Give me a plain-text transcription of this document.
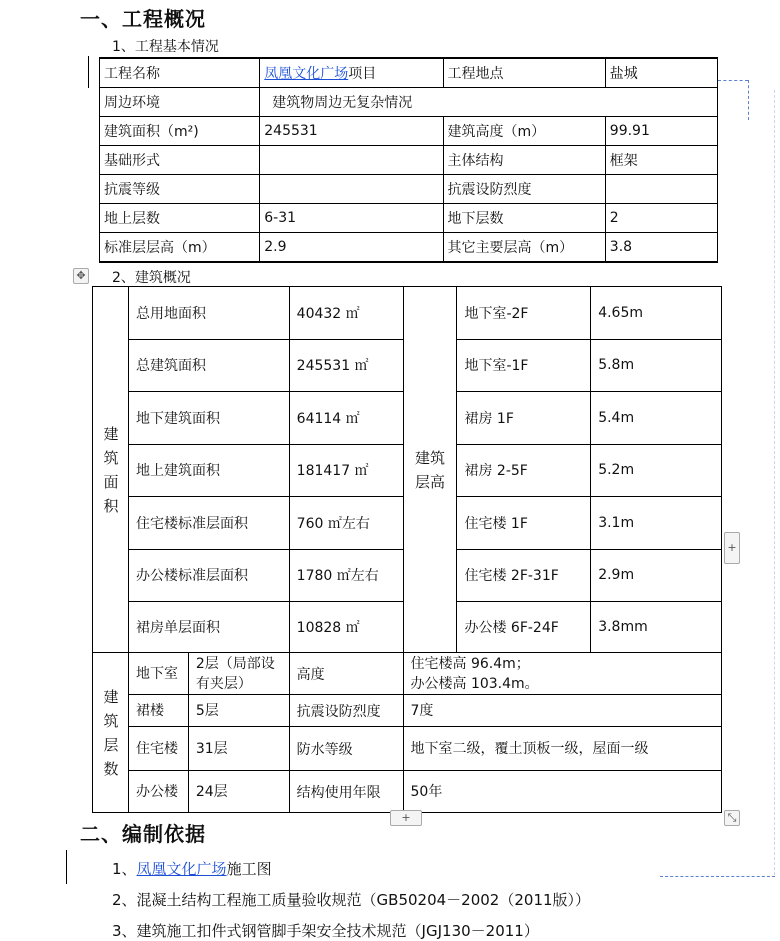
一、工程概况
1、工程基本情况
工程名称	凤凰文化广场项目	工程地点	盐城
周边环境	建筑物周边无复杂情况		
建筑面积（m²)	245531	建筑高度（m）	99.91
基础形式		主体结构	框架
抗震等级		抗震设防烈度	
地上层数	6-31	地下层数	2
标准层层高（m）	2.9	其它主要层高（m）	3.8
✥ 2、建筑概况
建筑面积	总用地面积		40432 ㎡	建筑层高	地下室-2F	4.65m
	总建筑面积		245531 ㎡		地下室-1F	5.8m
	地下建筑面积		64114 ㎡		裙房 1F	5.4m
	地上建筑面积		181417 ㎡		裙房 2-5F	5.2m
	住宅楼标准层面积		760 ㎡左右		住宅楼 1F	3.1m
	办公楼标准层面积		1780 ㎡左右		住宅楼 2F-31F	2.9m
	裙房单层面积		10828 ㎡		办公楼 6F-24F	3.8mm

建筑层数	地下室	2层（局部设有夹层）	高度	住宅楼高 96.4m；
办公楼高 103.4m。		

	裙楼	5层	抗震设防烈度	7度		

	住宅楼	31层	防水等级	地下室二级，覆土顶板一级，屋面一级		

	办公楼	24层	结构使用年限	50年		
+
+	⤡
二、编制依据
1、凤凰文化广场施工图
2、混凝土结构工程施工质量验收规范（GB50204－2002（2011版））
3、建筑施工扣件式钢管脚手架安全技术规范（JGJ130－2011）
